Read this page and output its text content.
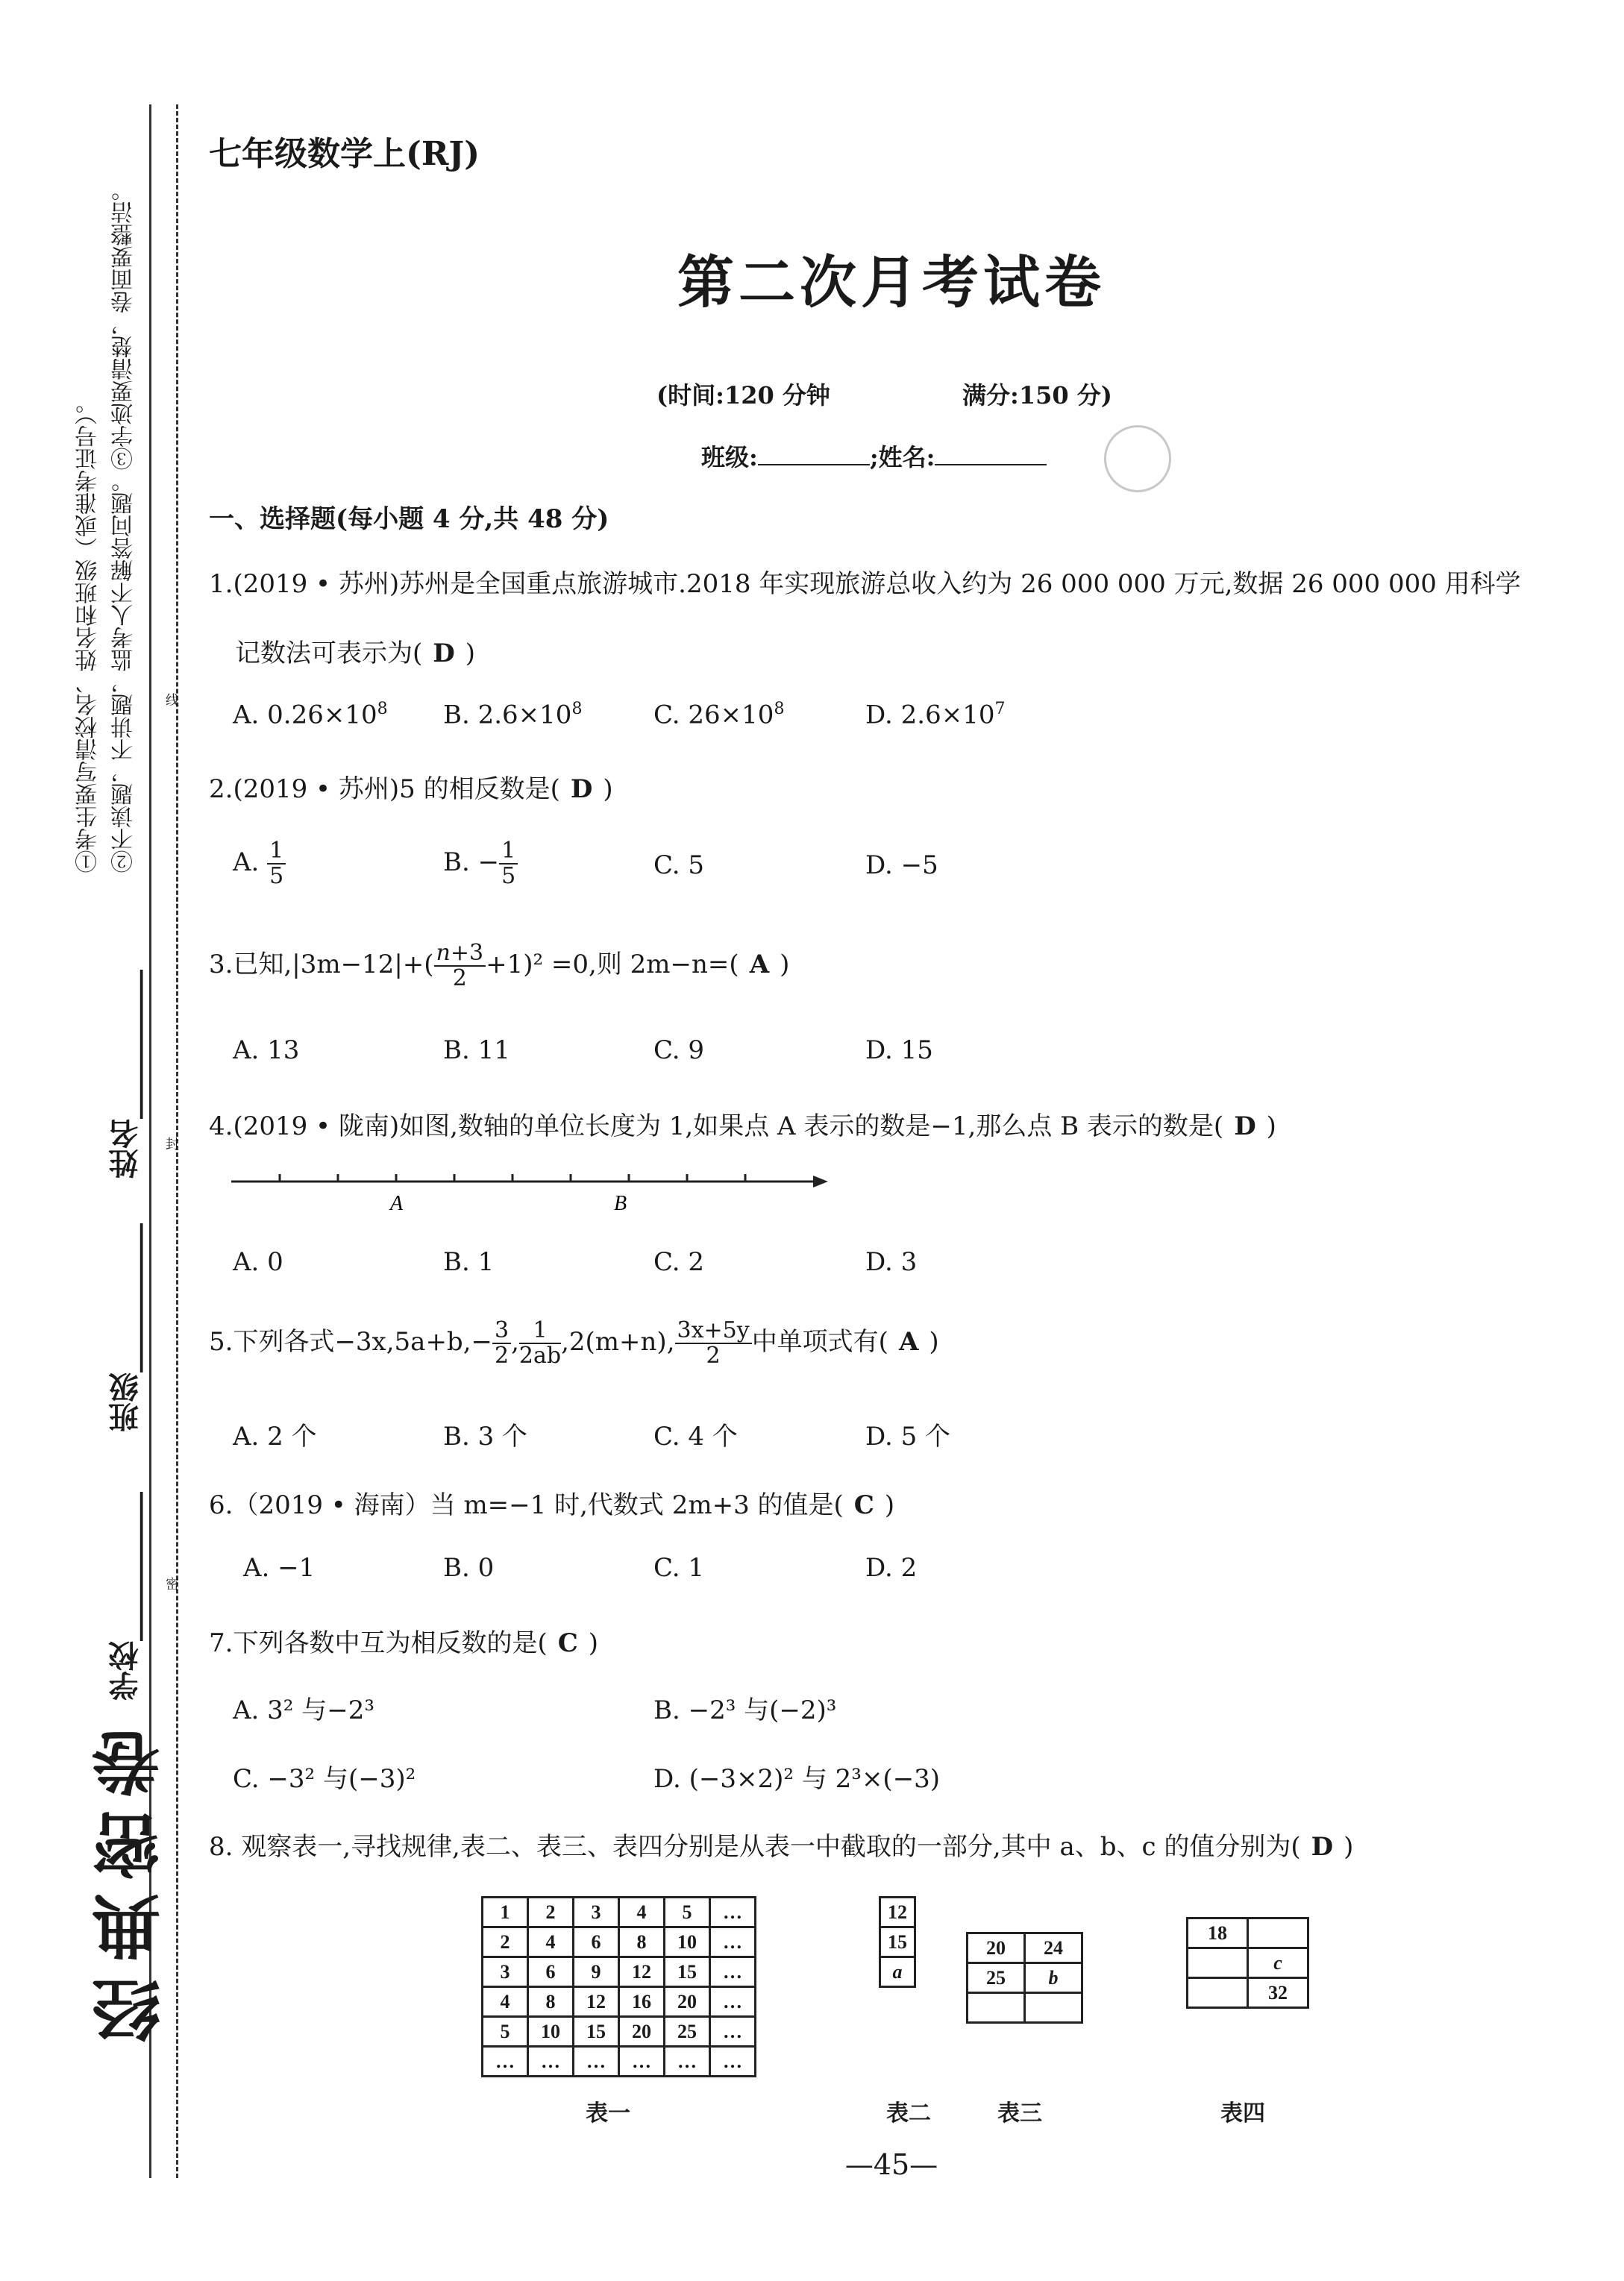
①考生要写清校名、姓名和班级（或准考证号）。 ②不读题，不讲题，监考人不解答问题。③字迹要清楚，卷面要整洁。
学校__________
班级__________
姓名__________
密
封
线
经典密卷
七年级数学上(RJ)
第二次月考试卷
(时间:120 分钟	满分:150 分)
班级:	;姓名:
一、选择题(每小题 4 分,共 48 分)
1.(2019 • 苏州)苏州是全国重点旅游城市.2018 年实现旅游总收入约为 26 000 000 万元,数据 26 000 000 用科学
记数法可表示为( D )
A. $0.26\times 10^8$ B. $2.6\times 10^8$	C. $26\times 10^8$	D. $2.6\times 10^7$
2.(2019 • 苏州)5 的相反数是( D )
A. $\frac{1}{5}$	B. − $\frac{1}{5}$	C. 5	D. −5
3.已知$,|3m-12|+( \frac{n+3}{2} +1)^2 =0$,则 2m−n=( A )
A. 13	B. 11	C. 9	D. 15
4.(2019 • 陇南)如图,数轴的单位长度为 1,如果点 A 表示的数是−1,那么点 B 表示的数是( D )
A	B
A. 0	B. 1	C. 2	D. 3
5.下列各式$-3x,5a+b,- \frac{3}{2}$ , $\frac{1}{2ab} ,2(m+n)$, $\frac{3x+5y}{2}$ 中单项式有( A )
A. 2 个	B. 3 个	C. 4 个	D. 5 个
6.（2019 • 海南）当 m=−1 时,代数式 2m+3 的值是( C )
A. −1	B. 0	C. 1	D. 2
7.下列各数中互为相反数的是( C )
A. 3² 与−2³	B. −2³ 与(−2)³
C. −3² 与(−3)²	D. (−3×2)² 与 2³×(−3)
8. 观察表一,寻找规律,表二、表三、表四分别是从表一中截取的一部分,其中 a、b、c 的值分别为( D )
1	2	3	4	5	…
2	4	6	8	10	…
3	6	9	12	15	…
4	8	12	16	20	…
5	10	15	20	25	…
…	…	…	…	…	…
12
15
a
20	24
25	b

18	
	c
	32
表一	表二	表三	表四
—45—
